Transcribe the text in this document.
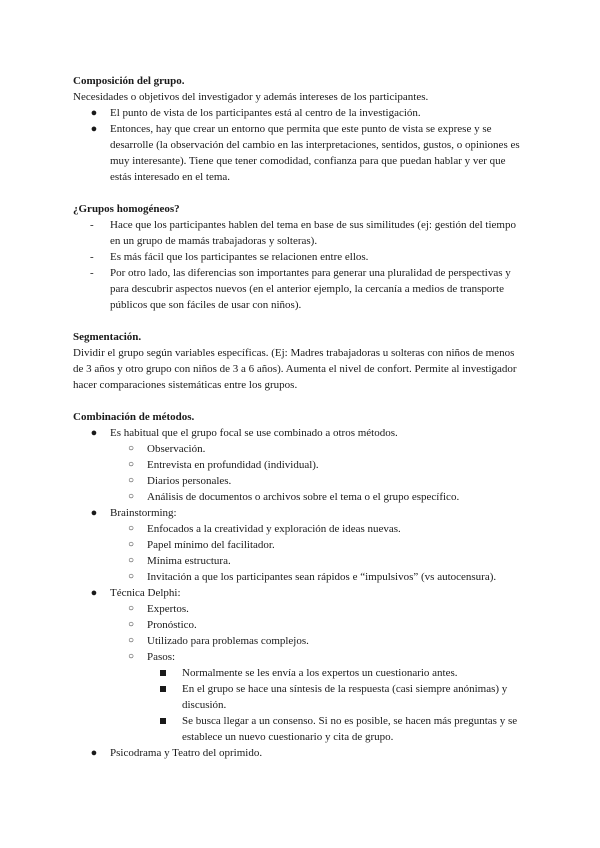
Composición del grupo.

Necesidades o objetivos del investigador y además intereses de los participantes.

● El punto de vista de los participantes está al centro de la investigación.
● Entonces, hay que crear un entorno que permita que este punto de vista se exprese y se desarrolle (la observación del cambio en las interpretaciones, sentidos, gustos, o opiniones es muy interesante). Tiene que tener comodidad, confianza para que puedan hablar y ver que estás interesado en el tema.
¿Grupos homogéneos?
- Hace que los participantes hablen del tema en base de sus similitudes (ej: gestión del tiempo en un grupo de mamás trabajadoras y solteras).
- Es más fácil que los participantes se relacionen entre ellos.
- Por otro lado, las diferencias son importantes para generar una pluralidad de perspectivas y para descubrir aspectos nuevos (en el anterior ejemplo, la cercanía a medios de transporte públicos que son fáciles de usar con niños).
Segmentación.

Dividir el grupo según variables específicas. (Ej: Madres trabajadoras u solteras con niños de menos de 3 años y otro grupo con niños de 3 a 6 años). Aumenta el nivel de confort. Permite al investigador hacer comparaciones sistemáticas entre los grupos.

Combinación de métodos.
● Es habitual que el grupo focal se use combinado a otros métodos.
○ Observación.
○ Entrevista en profundidad (individual).
○ Diarios personales.
○ Análisis de documentos o archivos sobre el tema o el grupo específico.
● Brainstorming:
○ Enfocados a la creatividad y exploración de ideas nuevas.
○ Papel mínimo del facilitador.
○ Mínima estructura.
○ Invitación a que los participantes sean rápidos e “impulsivos” (vs autocensura).
● Técnica Delphi:
○ Expertos.
○ Pronóstico.
○ Utilizado para problemas complejos.
○ Pasos:
Normalmente se les envía a los expertos un cuestionario antes.
En el grupo se hace una síntesis de la respuesta (casi siempre anónimas) y discusión.
Se busca llegar a un consenso. Si no es posible, se hacen más preguntas y se establece un nuevo cuestionario y cita de grupo.
● Psicodrama y Teatro del oprimido.
